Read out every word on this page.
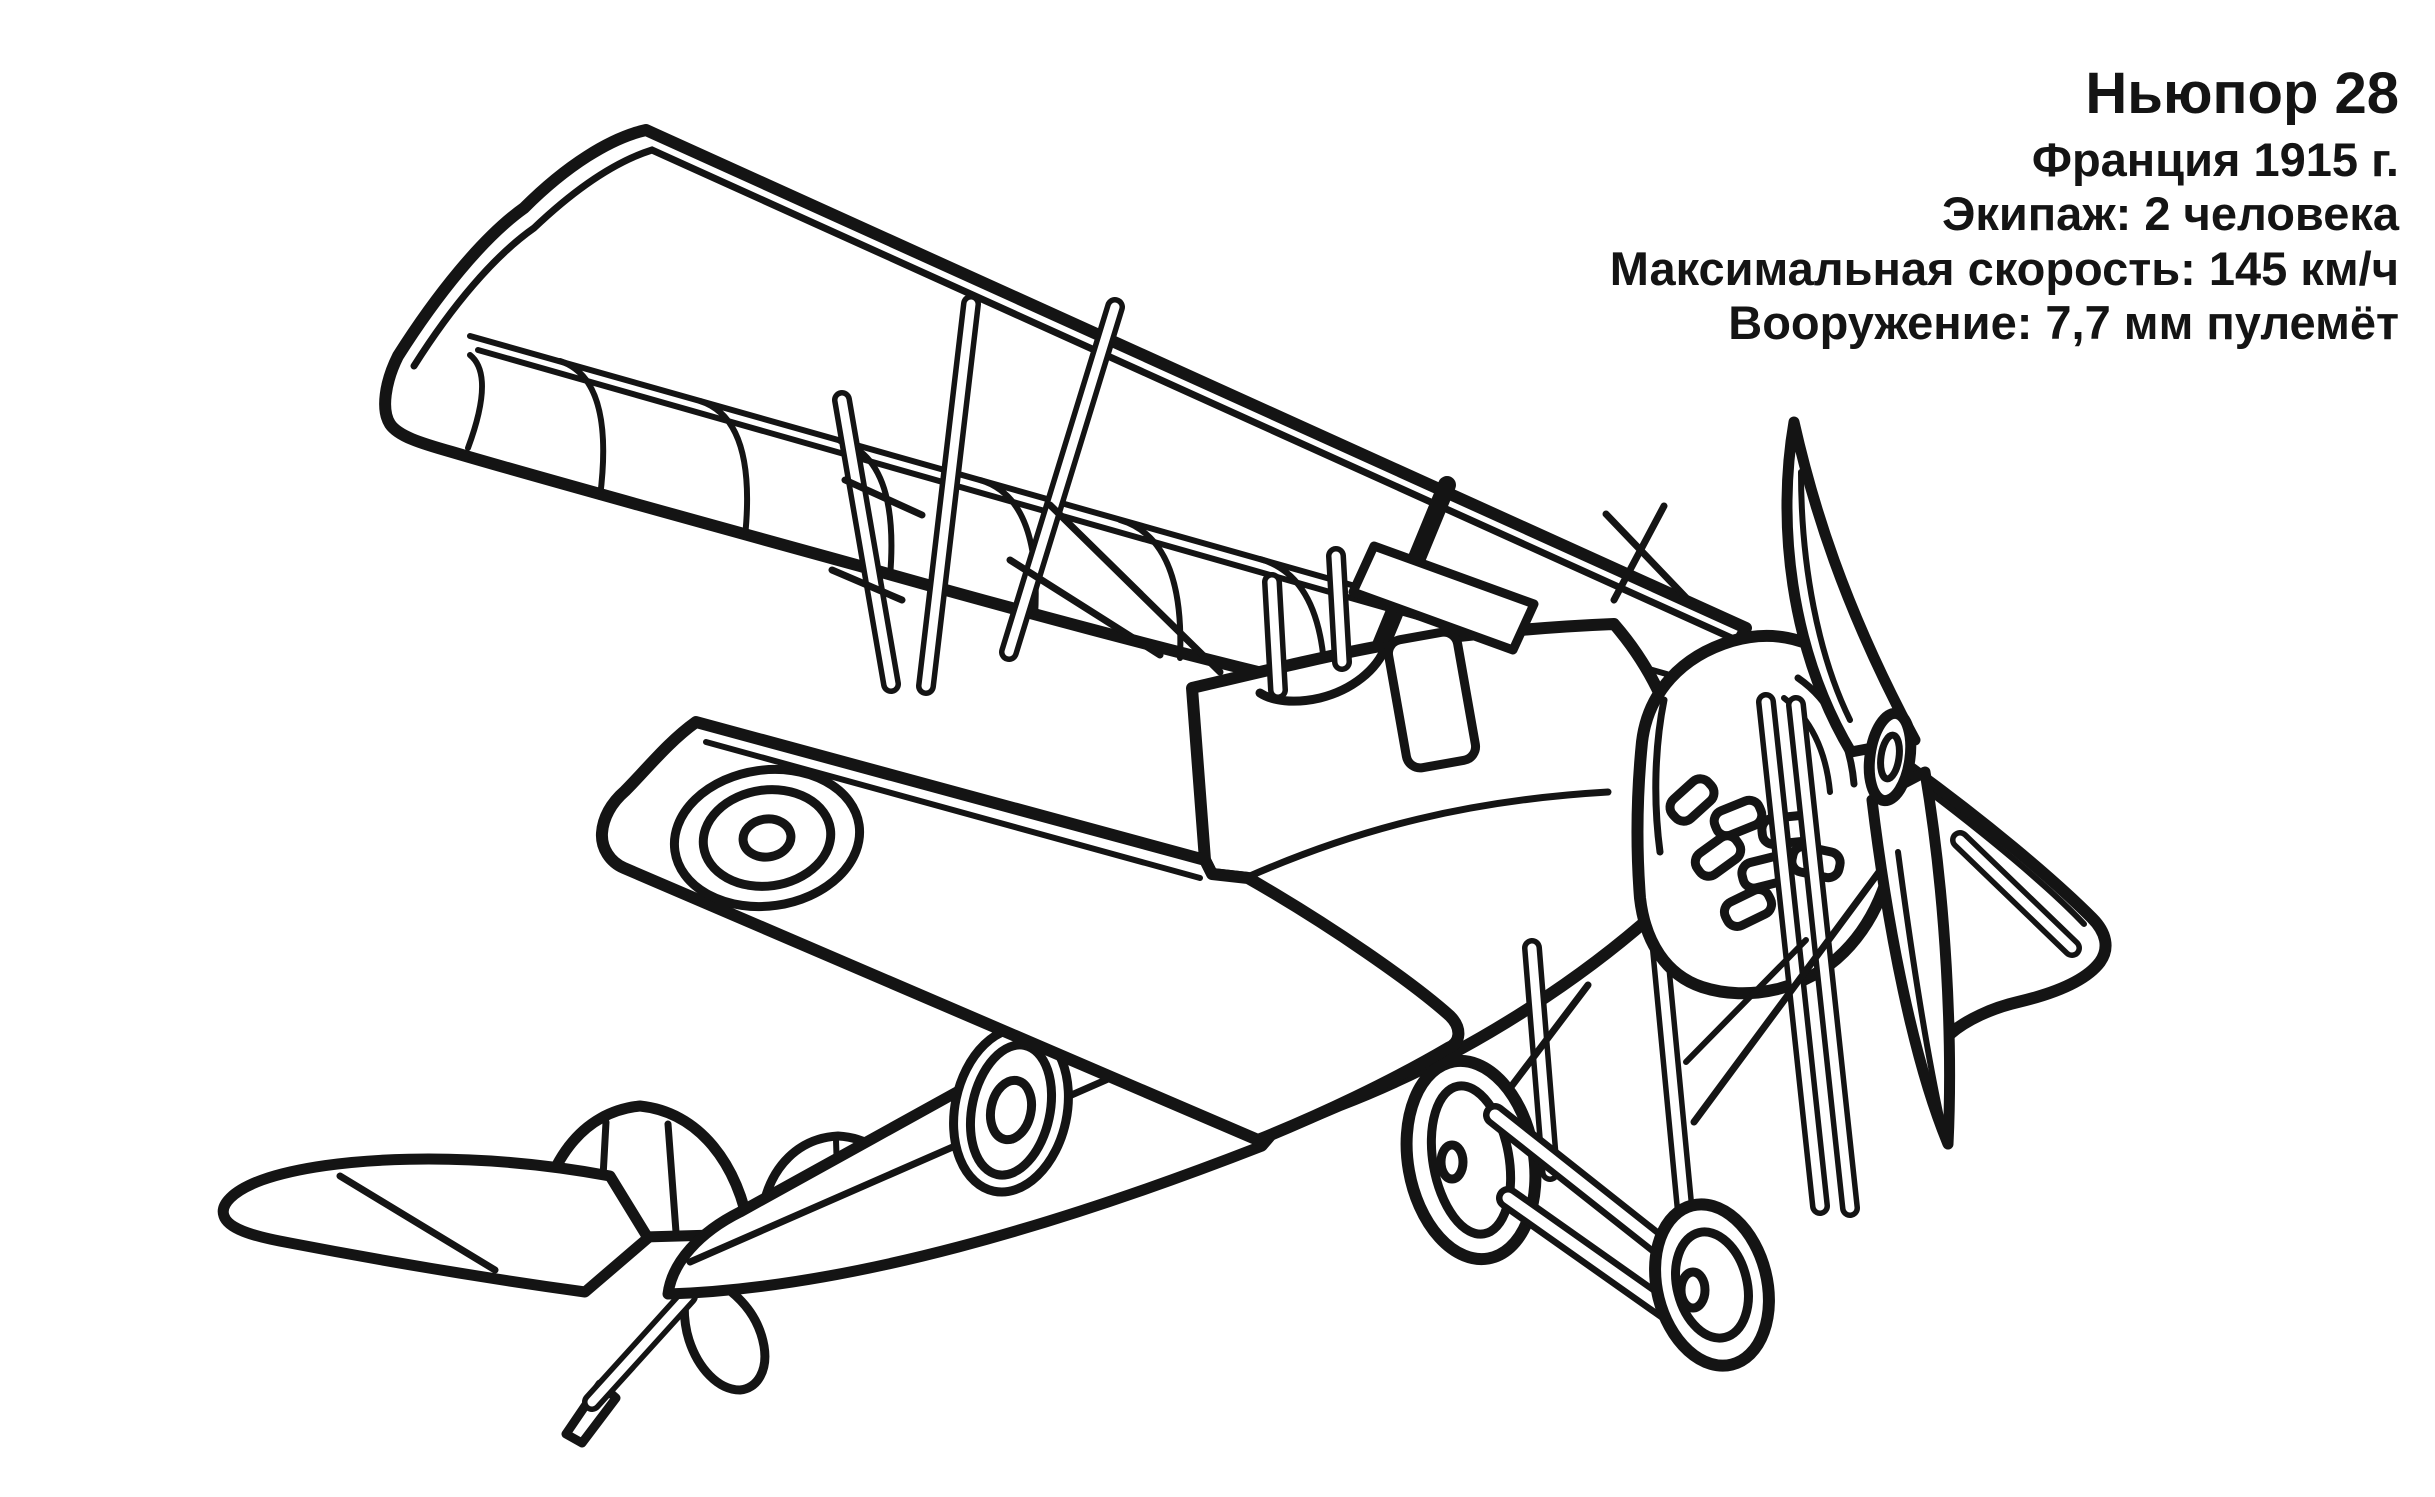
Ньюпор 28
Франция 1915 г.
Экипаж: 2 человека
Максимальная скорость: 145 км/ч
Вооружение: 7,7 мм пулемёт
